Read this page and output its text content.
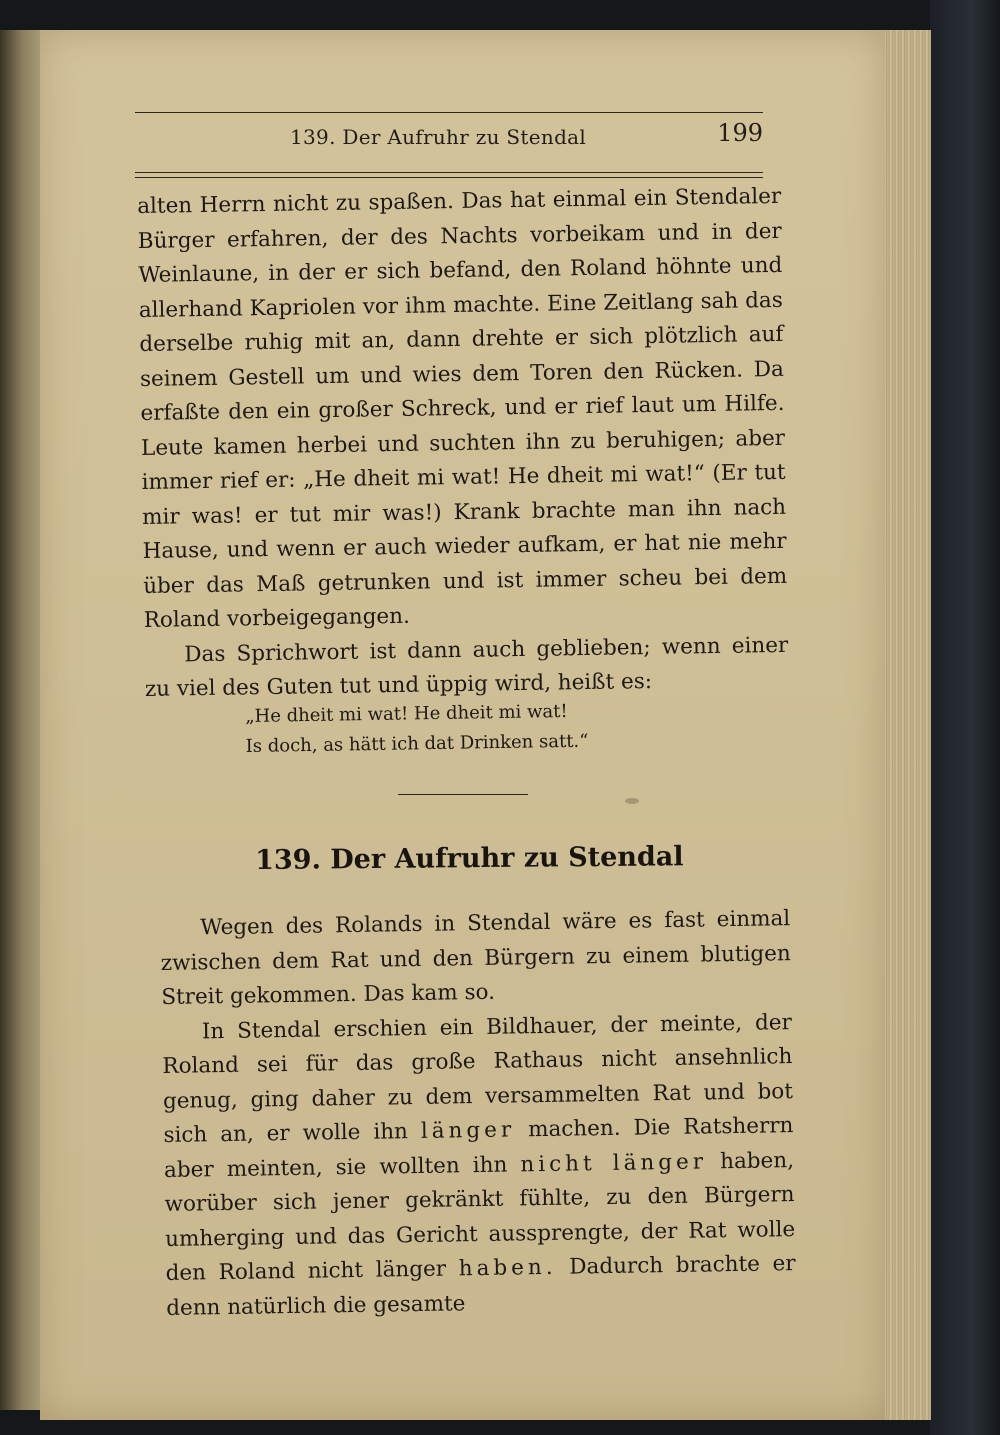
139. Der Aufruhr zu Stendal	199

alten Herrn nicht zu spaßen. Das hat einmal ein Stendaler Bürger erfahren, der des Nachts vorbeikam und in der Weinlaune, in der er sich befand, den Roland höhnte und allerhand Kapriolen vor ihm machte. Eine Zeitlang sah das derselbe ruhig mit an, dann drehte er sich plötzlich auf seinem Gestell um und wies dem Toren den Rücken. Da erfaßte den ein großer Schreck, und er rief laut um Hilfe. Leute kamen herbei und suchten ihn zu beruhigen; aber immer rief er: „He dheit mi wat! He dheit mi wat!“ (Er tut mir was! er tut mir was!) Krank brachte man ihn nach Hause, und wenn er auch wieder aufkam, er hat nie mehr über das Maß getrunken und ist immer scheu bei dem Roland vorbeigegangen.

Das Sprichwort ist dann auch geblieben; wenn einer zu viel des Guten tut und üppig wird, heißt es:

„He dheit mi wat! He dheit mi wat!
Is doch, as hätt ich dat Drinken satt.“
139. Der Aufruhr zu Stendal

Wegen des Rolands in Stendal wäre es fast einmal zwischen dem Rat und den Bürgern zu einem blutigen Streit gekommen. Das kam so.

In Stendal erschien ein Bildhauer, der meinte, der Roland sei für das große Rathaus nicht ansehnlich genug, ging daher zu dem versammelten Rat und bot sich an, er wolle ihn länger machen. Die Ratsherrn aber meinten, sie wollten ihn nicht länger haben, worüber sich jener gekränkt fühlte, zu den Bürgern umherging und das Gericht aussprengte, der Rat wolle den Roland nicht länger haben. Dadurch brachte er denn natürlich die gesamte
